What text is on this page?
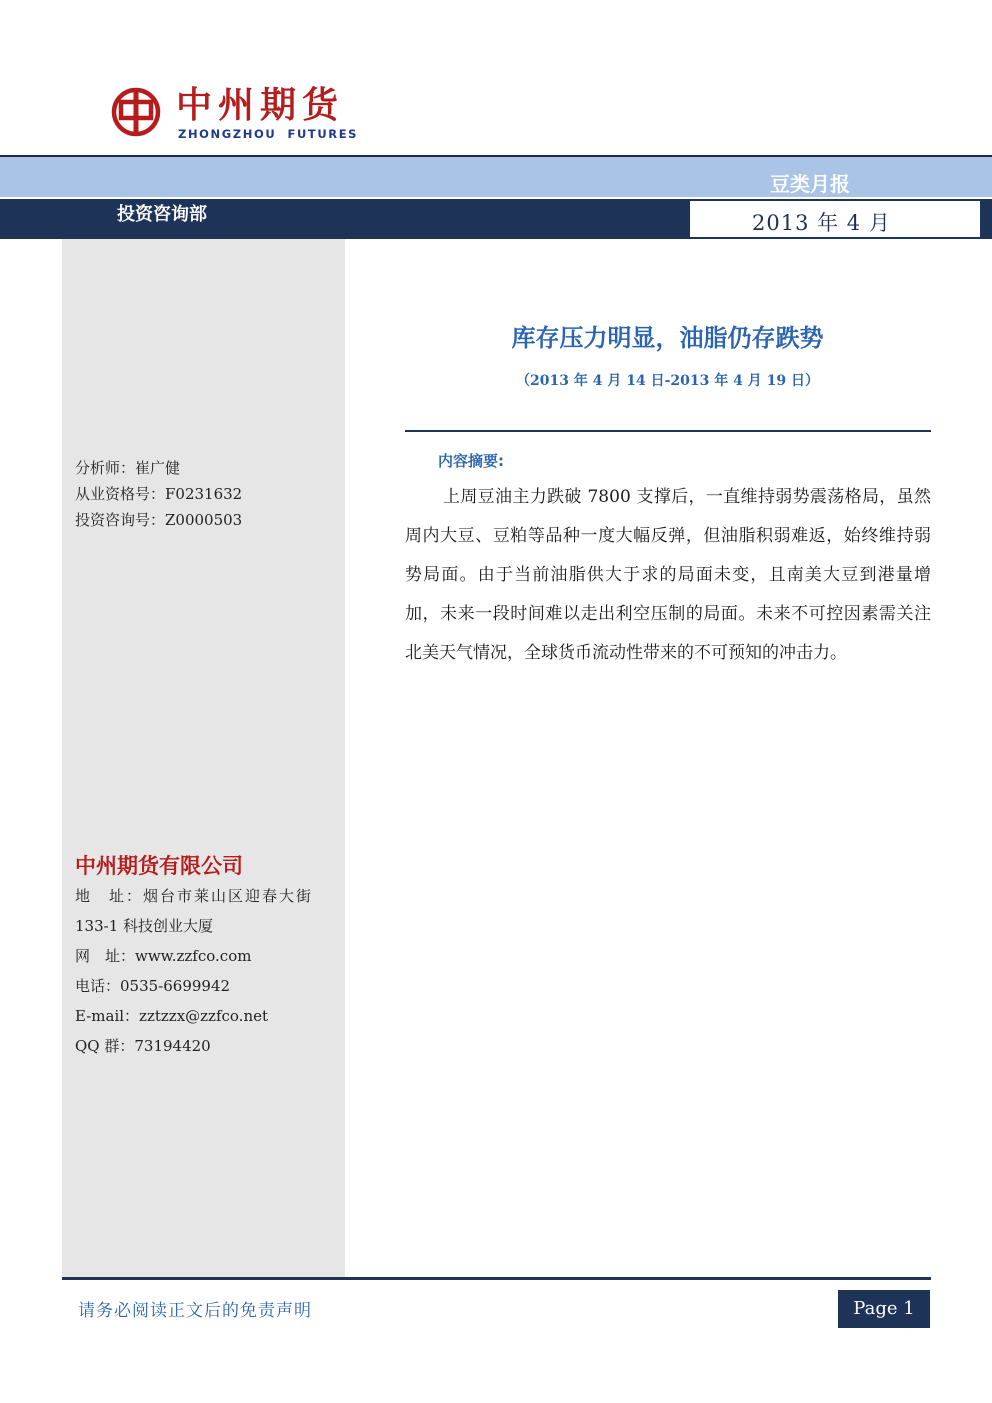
中州期货
ZHONGZHOU  FUTURES
豆类月报
投资咨询部	2013 年 4 月
分析师：崔广健
从业资格号：F0231632
投资咨询号：Z0000503
中州期货有限公司
地　址：烟台市莱山区迎春大街
133-1 科技创业大厦
网　址：www.zzfco.com
电话：0535-6699942
E-mail：zztzzx@zzfco.net
QQ 群：73194420
库存压力明显，油脂仍存跌势
（2013 年 4 月 14 日-2013 年 4 月 19 日）
内容摘要:
上周豆油主力跌破 7800 支撑后，一直维持弱势震荡格局，虽然周内大豆、豆粕等品种一度大幅反弹，但油脂积弱难返，始终维持弱势局面。由于当前油脂供大于求的局面未变，且南美大豆到港量增加，未来一段时间难以走出利空压制的局面。未来不可控因素需关注北美天气情况，全球货币流动性带来的不可预知的冲击力。
请务必阅读正文后的免责声明	Page 1
